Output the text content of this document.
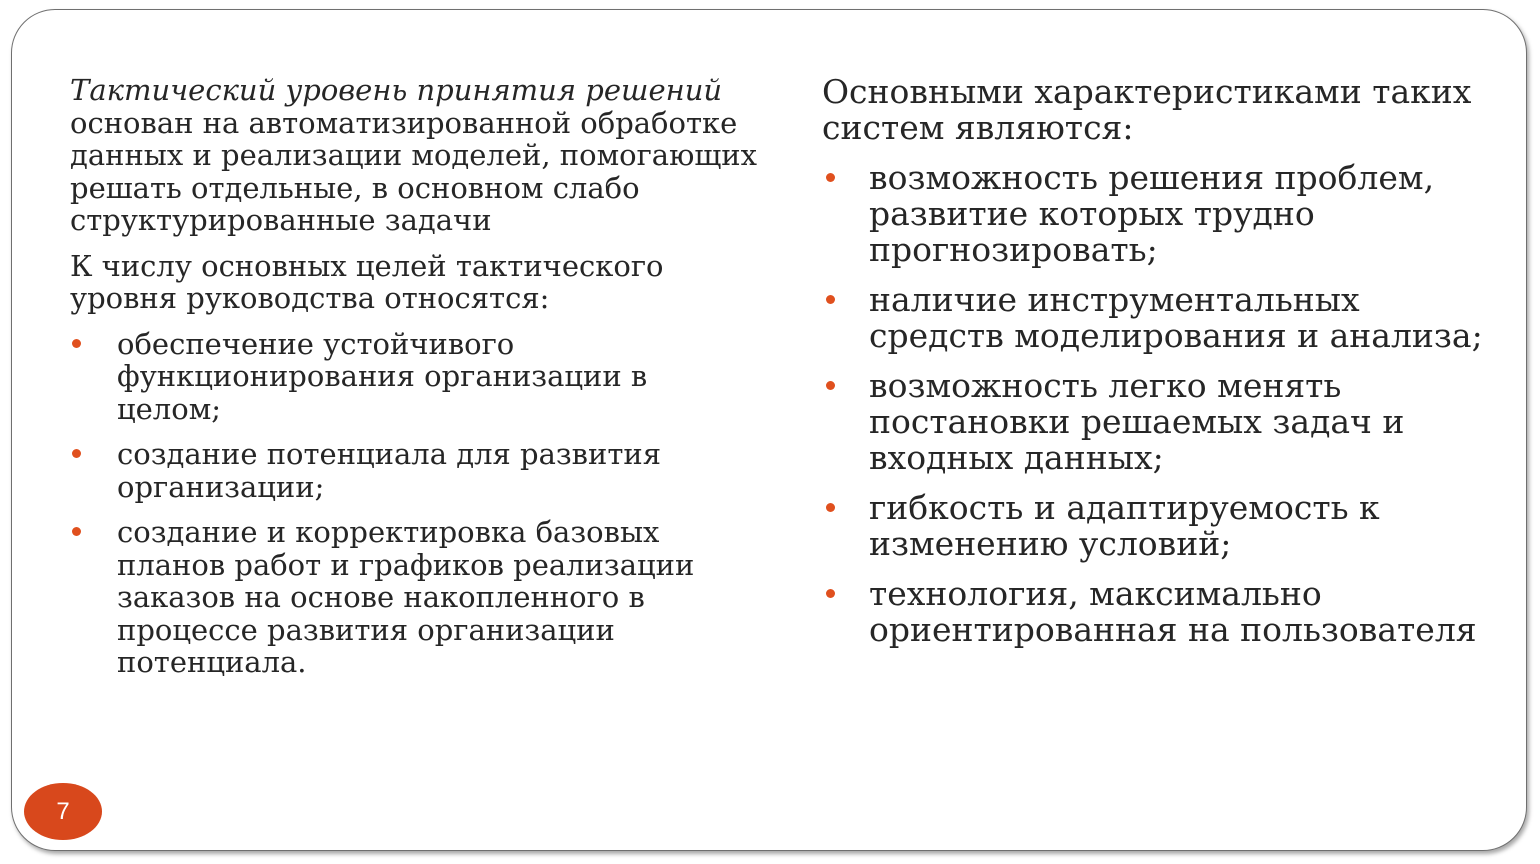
Тактический уровень принятия решений
основан на автоматизированной обработке данных и реализации моделей, помогающих решать отдельные, в основном слабо структурированные задачи

К числу основных целей тактического уровня руководства относятся:

обеспечение устойчивого функционирования организации в целом;
создание потенциала для развития организации;
создание и корректировка базовых планов работ и графиков реализации заказов на основе накопленного в процессе развития организации потенциала.

Основными характеристиками таких систем являются:

возможность решения проблем, развитие которых трудно прогнозировать;
наличие инструментальных средств моделирования и анализа;
возможность легко менять постановки решаемых задач и входных данных;
гибкость и адаптируемость к изменению условий;
технология, максимально ориентированная на пользователя
7
